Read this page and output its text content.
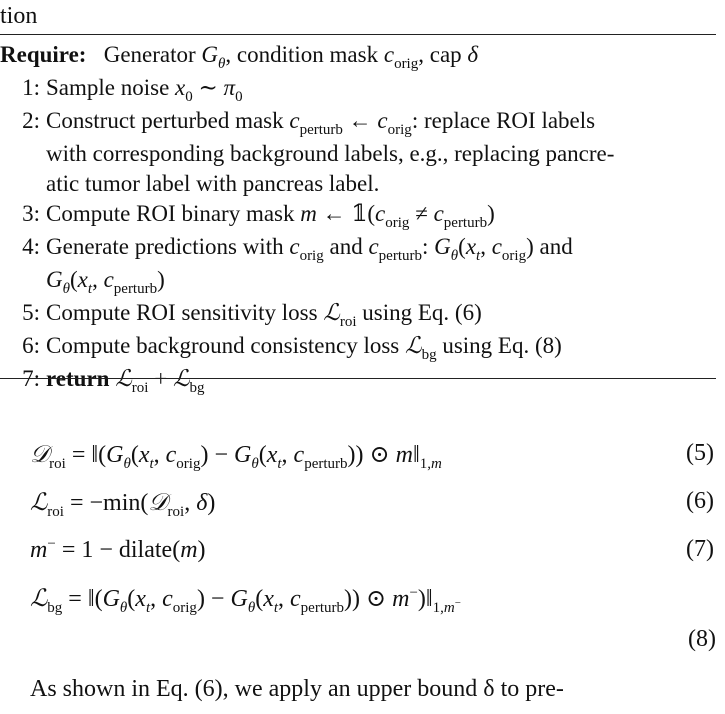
tion
Require:   Generator $G_\theta$, condition mask $c_{orig}$, cap δ
1: Sample noise $x_0$ ∼ $\pi_0$
2: Construct perturbed mask $c_{perturb}$ ← $c_{orig}$: replace ROI labels
with corresponding background labels, e.g., replacing pancre-
atic tumor label with pancreas label.
3: Compute ROI binary mask m ← $𝟙(c_{orig} \ne c_{perturb})$
4: Generate predictions with $c_{orig}$ and $c_{perturb}$: $G_\theta(x_t$, $c_{orig}$) and
$G_\theta(x_t$, $c_{perturb}$)
5: Compute ROI sensitivity loss ℒ$_{roi}$ using Eq. (6)
6: Compute background consistency loss ℒ$_{bg}$ using Eq. (8)
7: return ℒ$_{roi}$ + ℒ$_{bg}$
𝒟$_{roi}$ = $‖(G_\theta(x_t$, $c_{orig}) - G_\theta(x_t$, $c_{perturb}$)) ⊙ $m‖_{1,m}$	(5)
ℒ$_{roi}$ = −min(𝒟$_{roi}$, δ)	(6)
m− = 1 − dilate(m)	(7)
ℒ$_{bg}$ = $‖(G_\theta(x_t$, $c_{orig}) - G_\theta(x_t$, $c_{perturb}$)) ⊙ $m^-)‖_{1,m^-}$
(8)
As shown in Eq. (6), we apply an upper bound δ to pre-
